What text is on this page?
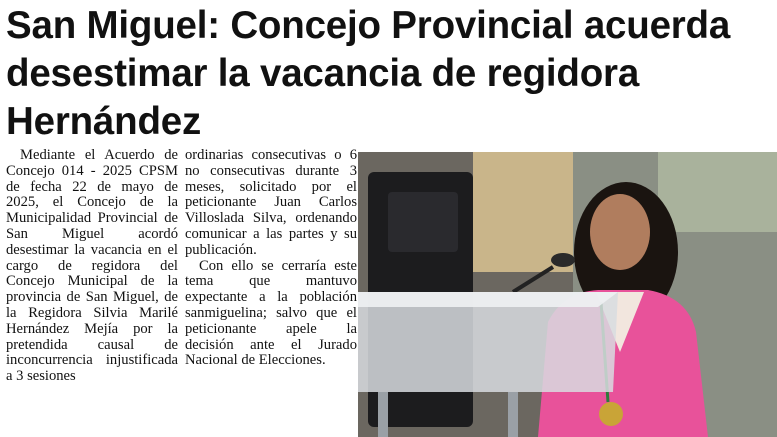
San Miguel: Concejo Provincial acuerda desestimar la vacancia de regidora Hernández

Mediante el Acuerdo de Concejo 014 - 2025 CPSM de fecha 22 de mayo de 2025, el Concejo de la Municipalidad Provincial de San Miguel acordó desestimar la vacancia en el cargo de regidora del Concejo Municipal de la provincia de San Miguel, de la Regidora Silvia Marilé Hernández Mejía por la pretendida causal de inconcurrencia injustificada a 3 sesiones

ordinarias consecutivas o 6 no consecutivas durante 3 meses, solicitado por el peticionante Juan Carlos Villoslada Silva, ordenando comunicar a las partes y su publicación.

Con ello se cerraría este tema que mantuvo expectante a la población sanmiguelina; salvo que el peticionante apele la decisión ante el Jurado Nacional de Elecciones.
